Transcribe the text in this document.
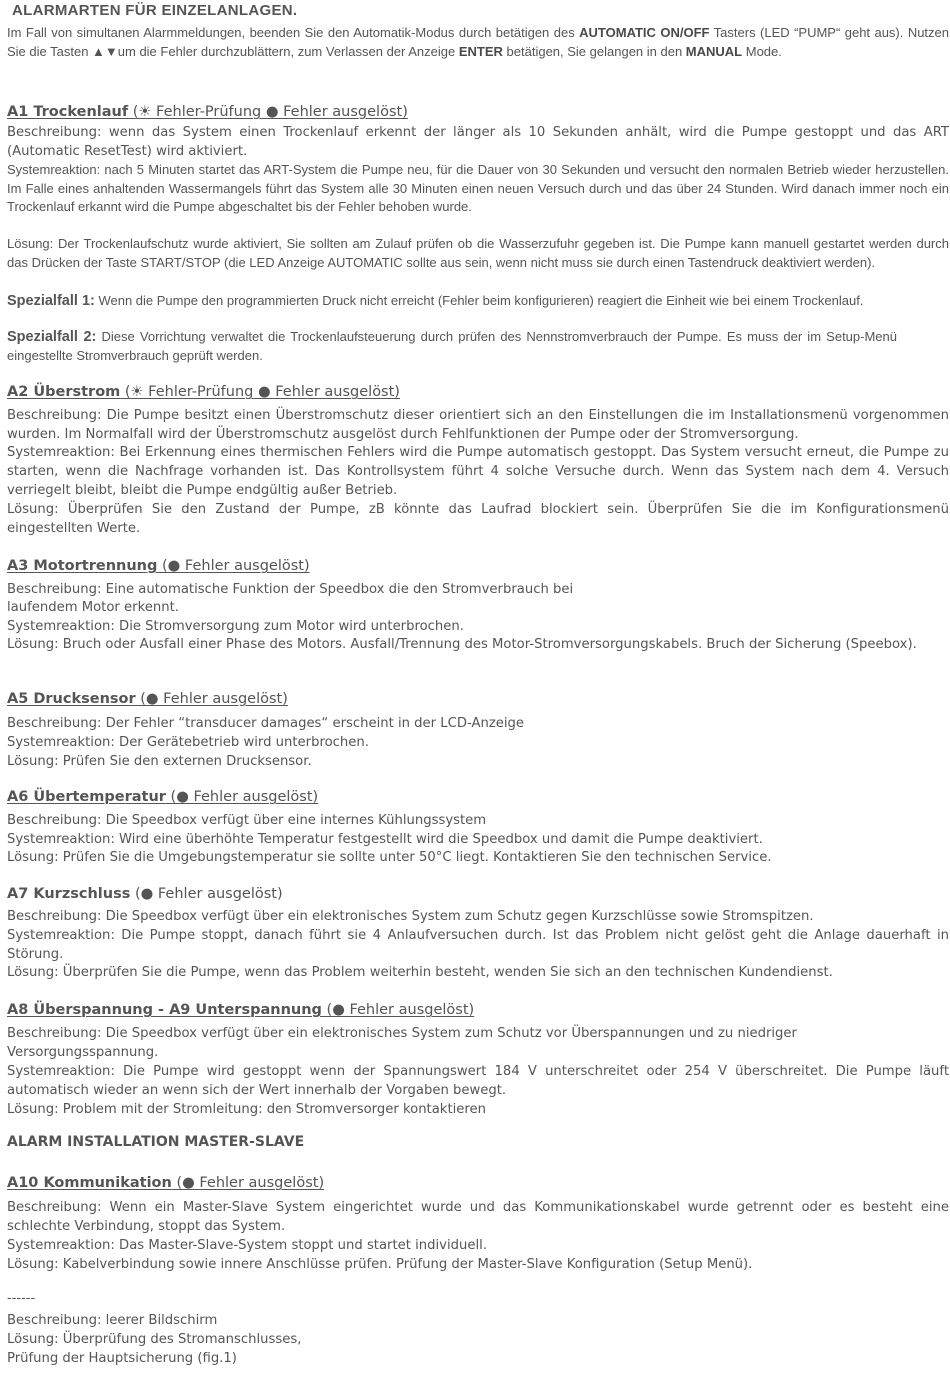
ALARMARTEN FÜR EINZELANLAGEN.

Im Fall von simultanen Alarmmeldungen, beenden Sie den Automatik-Modus durch betätigen des AUTOMATIC ON/OFF Tasters (LED “PUMP“ geht aus). Nutzen Sie die Tasten ▲▼um die Fehler durchzublättern, zum Verlassen der Anzeige ENTER betätigen, Sie gelangen in den MANUAL Mode.

A1 Trockenlauf (☀ Fehler-Prüfung ● Fehler ausgelöst)

Beschreibung: wenn das System einen Trockenlauf erkennt der länger als 10 Sekunden anhält, wird die Pumpe gestoppt und das ART (Automatic ResetTest) wird aktiviert.

Systemreaktion: nach 5 Minuten startet das ART-System die Pumpe neu, für die Dauer von 30 Sekunden und versucht den normalen Betrieb wieder herzustellen. Im Falle eines anhaltenden Wassermangels führt das System alle 30 Minuten einen neuen Versuch durch und das über 24 Stunden. Wird danach immer noch ein Trockenlauf erkannt wird die Pumpe abgeschaltet bis der Fehler behoben wurde.

Lösung: Der Trockenlaufschutz wurde aktiviert, Sie sollten am Zulauf prüfen ob die Wasserzufuhr gegeben ist. Die Pumpe kann manuell gestartet werden durch das Drücken der Taste START/STOP (die LED Anzeige AUTOMATIC sollte aus sein, wenn nicht muss sie durch einen Tastendruck deaktiviert werden).

Spezialfall 1: Wenn die Pumpe den programmierten Druck nicht erreicht (Fehler beim konfigurieren) reagiert die Einheit wie bei einem Trockenlauf.

Spezialfall 2: Diese Vorrichtung verwaltet die Trockenlaufsteuerung durch prüfen des Nennstromverbrauch der Pumpe. Es muss der im Setup-Menü eingestellte Stromverbrauch geprüft werden.

A2 Überstrom (☀ Fehler-Prüfung ● Fehler ausgelöst)

Beschreibung: Die Pumpe besitzt einen Überstromschutz dieser orientiert sich an den Einstellungen die im Installationsmenü vorgenommen wurden. Im Normalfall wird der Überstromschutz ausgelöst durch Fehlfunktionen der Pumpe oder der Stromversorgung.

Systemreaktion: Bei Erkennung eines thermischen Fehlers wird die Pumpe automatisch gestoppt. Das System versucht erneut, die Pumpe zu starten, wenn die Nachfrage vorhanden ist. Das Kontrollsystem führt 4 solche Versuche durch. Wenn das System nach dem 4. Versuch verriegelt bleibt, bleibt die Pumpe endgültig außer Betrieb.

Lösung: Überprüfen Sie den Zustand der Pumpe, zB könnte das Laufrad blockiert sein. Überprüfen Sie die im Konfigurationsmenü eingestellten Werte.

A3 Motortrennung (● Fehler ausgelöst)

Beschreibung: Eine automatische Funktion der Speedbox die den Stromverbrauch bei

laufendem Motor erkennt.

Systemreaktion: Die Stromversorgung zum Motor wird unterbrochen.

Lösung: Bruch oder Ausfall einer Phase des Motors. Ausfall/Trennung des Motor-Stromversorgungskabels. Bruch der Sicherung (Speebox).

A5 Drucksensor (● Fehler ausgelöst)

Beschreibung: Der Fehler “transducer damages“ erscheint in der LCD-Anzeige

Systemreaktion: Der Gerätebetrieb wird unterbrochen.

Lösung: Prüfen Sie den externen Drucksensor.

A6 Übertemperatur (● Fehler ausgelöst)

Beschreibung: Die Speedbox verfügt über eine internes Kühlungssystem

Systemreaktion: Wird eine überhöhte Temperatur festgestellt wird die Speedbox und damit die Pumpe deaktiviert.

Lösung: Prüfen Sie die Umgebungstemperatur sie sollte unter 50°C liegt. Kontaktieren Sie den technischen Service.

A7 Kurzschluss (● Fehler ausgelöst)

Beschreibung: Die Speedbox verfügt über ein elektronisches System zum Schutz gegen Kurzschlüsse sowie Stromspitzen.

Systemreaktion: Die Pumpe stoppt, danach führt sie 4 Anlaufversuchen durch. Ist das Problem nicht gelöst geht die Anlage dauerhaft in Störung.

Lösung: Überprüfen Sie die Pumpe, wenn das Problem weiterhin besteht, wenden Sie sich an den technischen Kundendienst.

A8 Überspannung - A9 Unterspannung (● Fehler ausgelöst)

Beschreibung: Die Speedbox verfügt über ein elektronisches System zum Schutz vor Überspannungen und zu niedriger

Versorgungsspannung.

Systemreaktion: Die Pumpe wird gestoppt wenn der Spannungswert 184 V unterschreitet oder 254 V überschreitet. Die Pumpe läuft automatisch wieder an wenn sich der Wert innerhalb der Vorgaben bewegt.

Lösung: Problem mit der Stromleitung: den Stromversorger kontaktieren

ALARM INSTALLATION MASTER-SLAVE
A10 Kommunikation (● Fehler ausgelöst)

Beschreibung: Wenn ein Master-Slave System eingerichtet wurde und das Kommunikationskabel wurde getrennt oder es besteht eine schlechte Verbindung, stoppt das System.

Systemreaktion: Das Master-Slave-System stoppt und startet individuell.

Lösung: Kabelverbindung sowie innere Anschlüsse prüfen. Prüfung der Master-Slave Konfiguration (Setup Menü).

------

Beschreibung: leerer Bildschirm

Lösung: Überprüfung des Stromanschlusses,

Prüfung der Hauptsicherung (fig.1)
